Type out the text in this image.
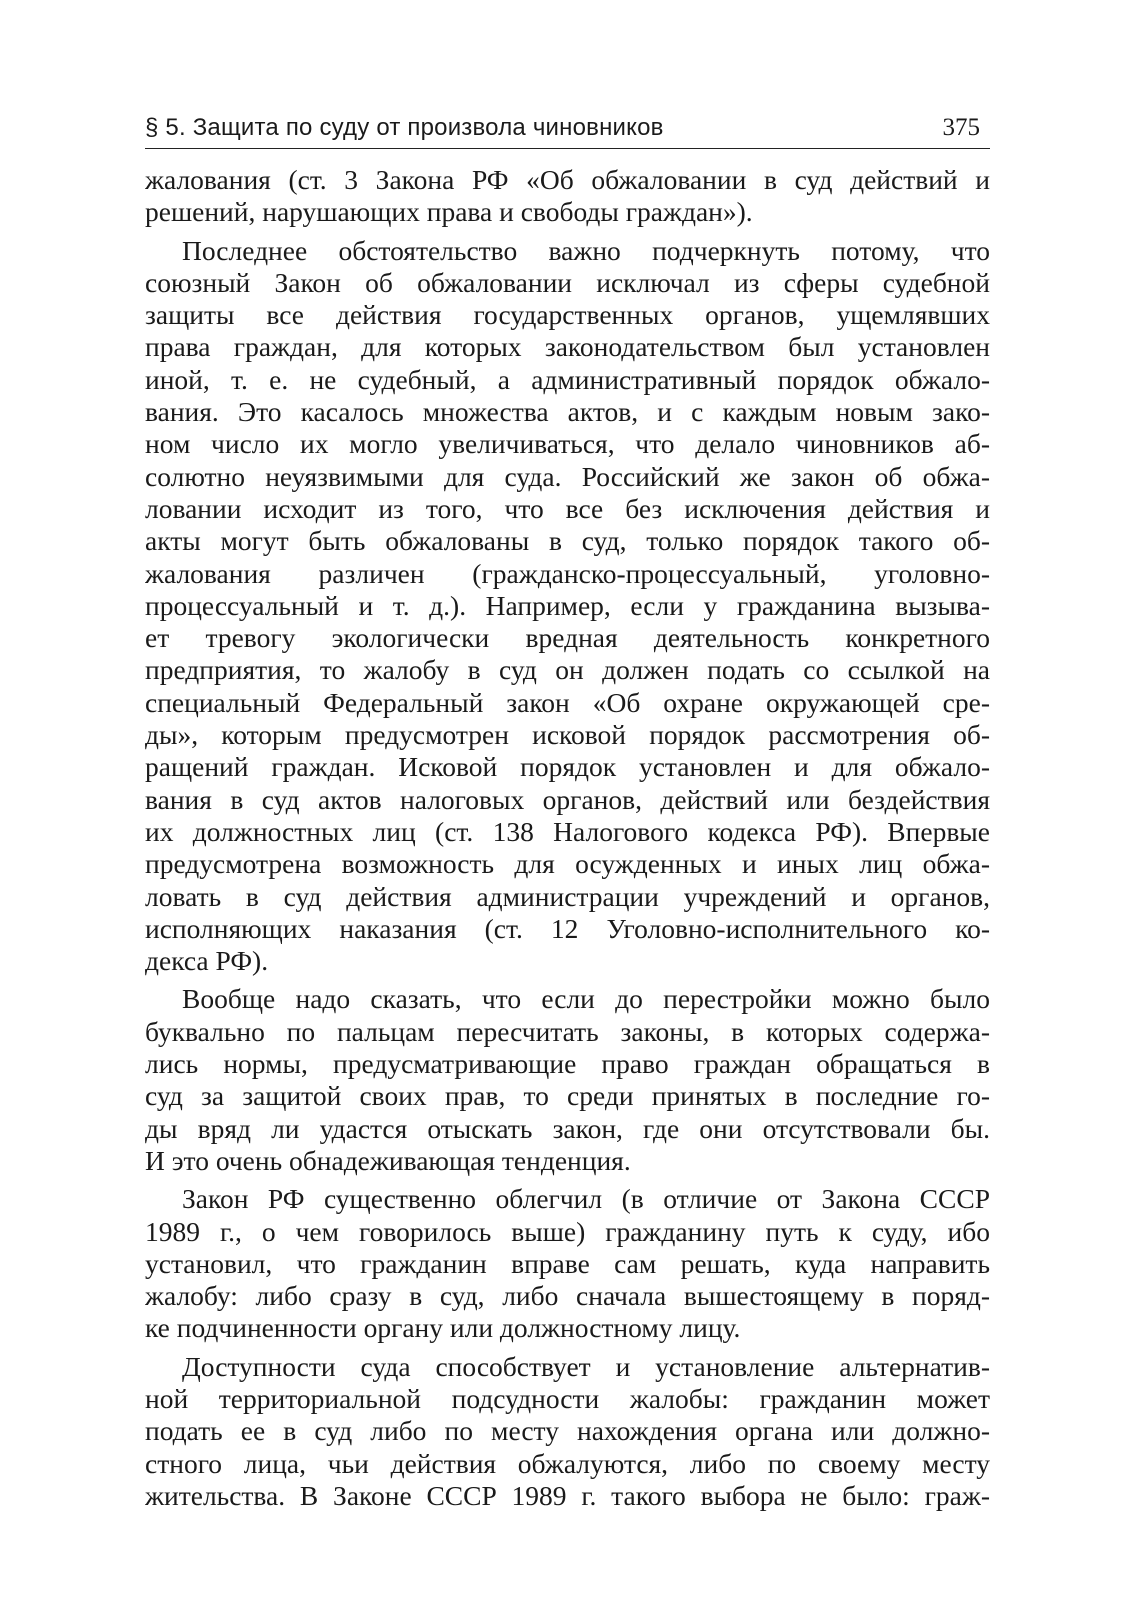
§ 5. Защита по суду от произвола чиновников	375
жалования (ст. 3 Закона РФ «Об обжаловании в суд действий и
решений, нарушающих права и свободы граждан»).
Последнее обстоятельство важно подчеркнуть потому, что
союзный Закон об обжаловании исключал из сферы судебной
защиты все действия государственных органов, ущемлявших
права граждан, для которых законодательством был установлен
иной, т. е. не судебный, а административный порядок обжало-
вания. Это касалось множества актов, и с каждым новым зако-
ном число их могло увеличиваться, что делало чиновников аб-
солютно неуязвимыми для суда. Российский же закон об обжа-
ловании исходит из того, что все без исключения действия и
акты могут быть обжалованы в суд, только порядок такого об-
жалования различен (гражданско-процессуальный, уголовно-
процессуальный и т. д.). Например, если у гражданина вызыва-
ет тревогу экологически вредная деятельность конкретного
предприятия, то жалобу в суд он должен подать со ссылкой на
специальный Федеральный закон «Об охране окружающей сре-
ды», которым предусмотрен исковой порядок рассмотрения об-
ращений граждан. Исковой порядок установлен и для обжало-
вания в суд актов налоговых органов, действий или бездействия
их должностных лиц (ст. 138 Налогового кодекса РФ). Впервые
предусмотрена возможность для осужденных и иных лиц обжа-
ловать в суд действия администрации учреждений и органов,
исполняющих наказания (ст. 12 Уголовно-исполнительного ко-
декса РФ).
Вообще надо сказать, что если до перестройки можно было
буквально по пальцам пересчитать законы, в которых содержа-
лись нормы, предусматривающие право граждан обращаться в
суд за защитой своих прав, то среди принятых в последние го-
ды вряд ли удастся отыскать закон, где они отсутствовали бы.
И это очень обнадеживающая тенденция.
Закон РФ существенно облегчил (в отличие от Закона СССР
1989 г., о чем говорилось выше) гражданину путь к суду, ибо
установил, что гражданин вправе сам решать, куда направить
жалобу: либо сразу в суд, либо сначала вышестоящему в поряд-
ке подчиненности органу или должностному лицу.
Доступности суда способствует и установление альтернатив-
ной территориальной подсудности жалобы: гражданин может
подать ее в суд либо по месту нахождения органа или должно-
стного лица, чьи действия обжалуются, либо по своему месту
жительства. В Законе СССР 1989 г. такого выбора не было: граж-
